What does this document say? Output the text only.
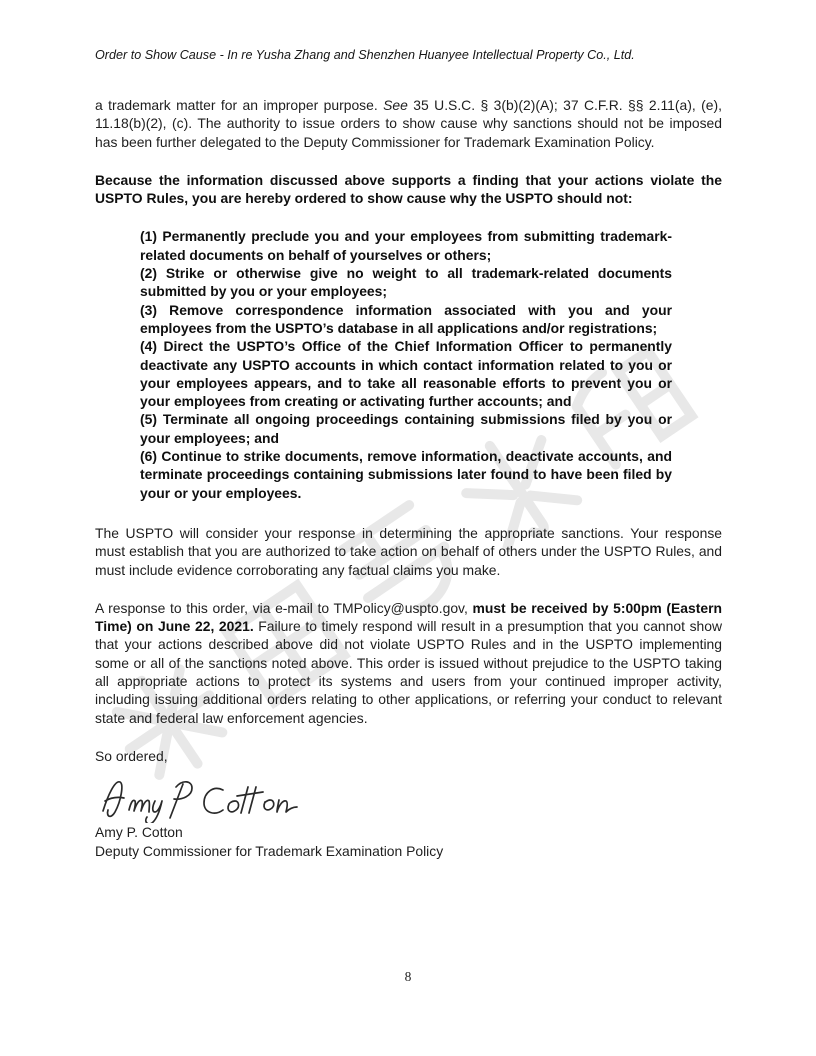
Order to Show Cause - In re Yusha Zhang and Shenzhen Huanyee Intellectual Property Co., Ltd.

a trademark matter for an improper purpose. See 35 U.S.C. § 3(b)(2)(A); 37 C.F.R. §§ 2.11(a), (e), 11.18(b)(2), (c). The authority to issue orders to show cause why sanctions should not be imposed has been further delegated to the Deputy Commissioner for Trademark Examination Policy.

Because the information discussed above supports a finding that your actions violate the USPTO Rules, you are hereby ordered to show cause why the USPTO should not:

(1) Permanently preclude you and your employees from submitting trademark-related documents on behalf of yourselves or others;

(2) Strike or otherwise give no weight to all trademark-related documents submitted by you or your employees;

(3) Remove correspondence information associated with you and your employees from the USPTO’s database in all applications and/or registrations;

(4) Direct the USPTO’s Office of the Chief Information Officer to permanently deactivate any USPTO accounts in which contact information related to you or your employees appears, and to take all reasonable efforts to prevent you or your employees from creating or activating further accounts; and

(5) Terminate all ongoing proceedings containing submissions filed by you or your employees; and

(6) Continue to strike documents, remove information, deactivate accounts, and terminate proceedings containing submissions later found to have been filed by your or your employees.

The USPTO will consider your response in determining the appropriate sanctions. Your response must establish that you are authorized to take action on behalf of others under the USPTO Rules, and must include evidence corroborating any factual claims you make.

A response to this order, via e-mail to TMPolicy@uspto.gov, must be received by 5:00pm (Eastern Time) on June 22, 2021. Failure to timely respond will result in a presumption that you cannot show that your actions described above did not violate USPTO Rules and in the USPTO implementing some or all of the sanctions noted above. This order is issued without prejudice to the USPTO taking all appropriate actions to protect its systems and users from your continued improper activity, including issuing additional orders relating to other applications, or referring your conduct to relevant state and federal law enforcement agencies.

So ordered,

Amy P. Cotton

Deputy Commissioner for Trademark Examination Policy

8
